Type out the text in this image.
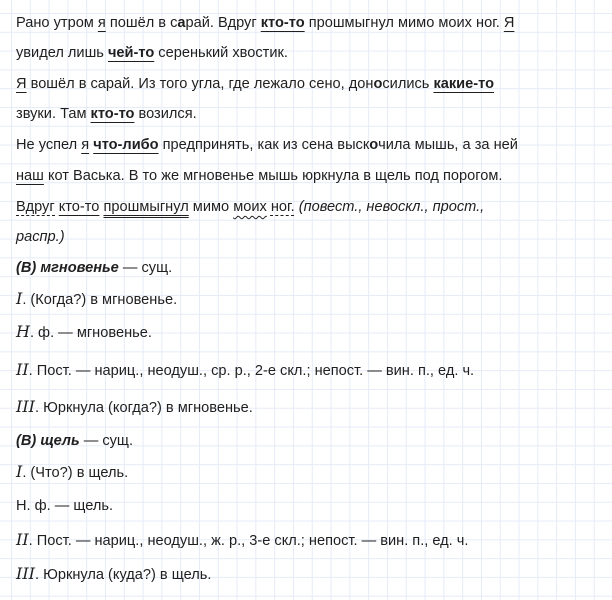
Рано утром я пошёл в сарай. Вдруг кто-то прошмыгнул мимо моих ног. Я
увидел лишь чей-то серенький хвостик.
Я вошёл в сарай. Из того угла, где лежало сено, доносились какие-то
звуки. Там кто-то возился.
Не успел я что-либо предпринять, как из сена выскочила мышь, а за ней
наш кот Васька. В то же мгновенье мышь юркнула в щель под порогом.
Вдруг кто-то прошмыгнул мимо моих ног. (повест., невоскл., прост.,
распр.)
(В) мгновенье — сущ.
I. (Когда?) в мгновенье.
Н. ф. — мгновенье.
II. Пост. — нариц., неодуш., ср. р., 2-е скл.; непост. — вин. п., ед. ч.
III. Юркнула (когда?) в мгновенье.
(В) щель — сущ.
I. (Что?) в щель.
Н. ф. — щель.
II. Пост. — нариц., неодуш., ж. р., 3-е скл.; непост. — вин. п., ед. ч.
III. Юркнула (куда?) в щель.
